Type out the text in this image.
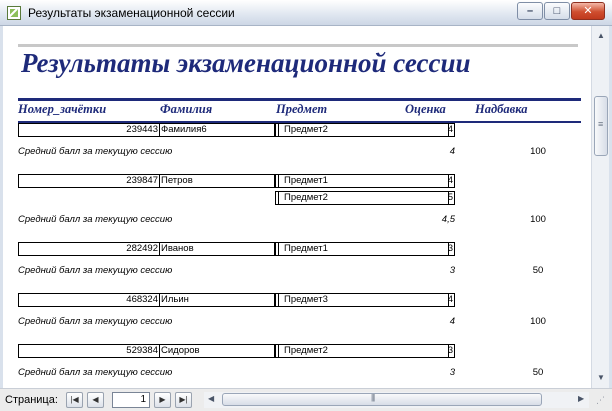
Результаты экзаменационной сессии	–	□	✕
Результаты экзаменационной сессии
Номер_зачётки	Фамилия	Предмет	Оценка Надбавка
239443 Фамилия6	Предмет2	4
Средний балл за текущую сессию	4	100
239847 Петров	Предмет1	4
Предмет2	5
Средний балл за текущую сессию	4,5	100
282492 Иванов	Предмет1	3
Средний балл за текущую сессию	3	50
468324 Ильин	Предмет3	4
Средний балл за текущую сессию	4	100
529384 Сидоров	Предмет2	3
Средний балл за текущую сессию	3	50
▲
≡
▼
Страница:	|◀	◀	1	▶	▶|	◀
|||	▶ ⋰
